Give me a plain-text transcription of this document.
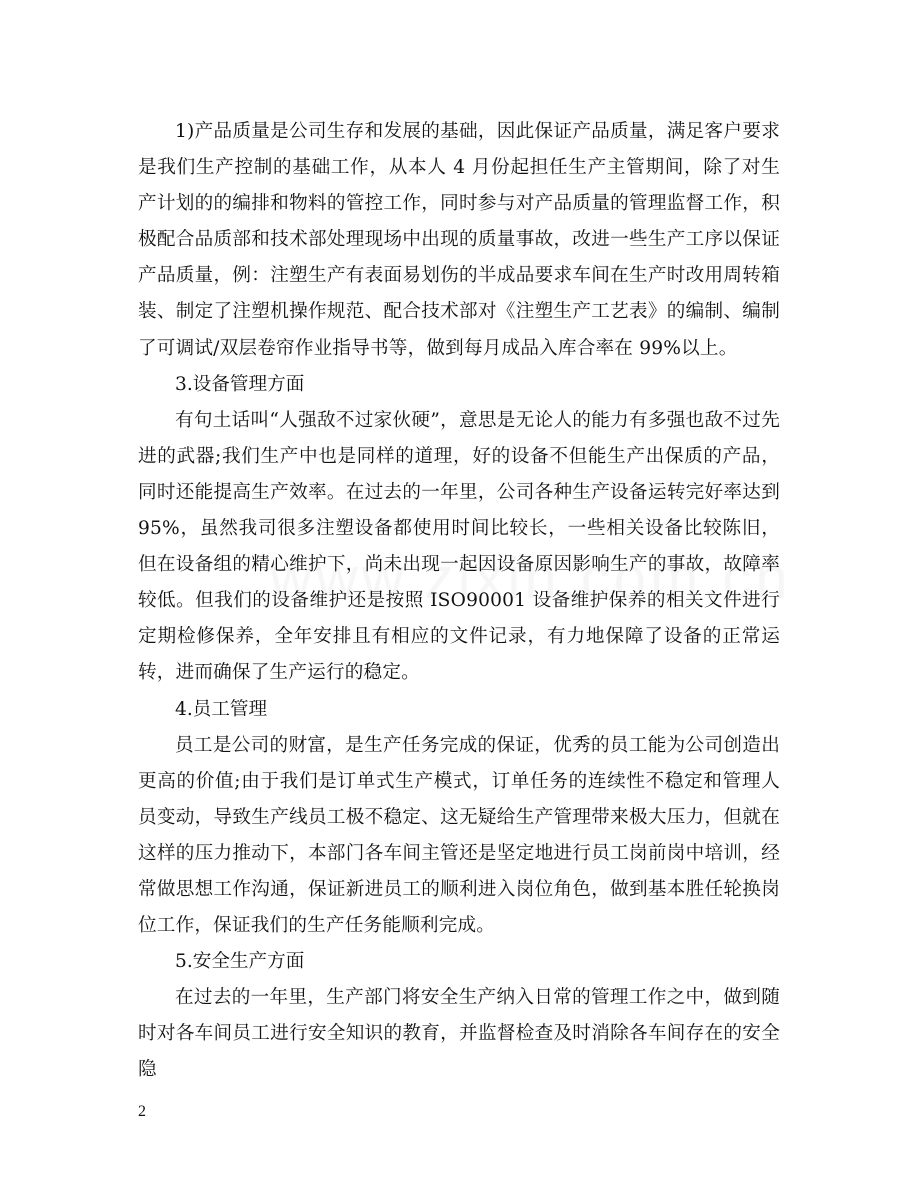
1)产品质量是公司生存和发展的基础，因此保证产品质量，满足客户要求是我们生产控制的基础工作，从本人 4 月份起担任生产主管期间，除了对生产计划的的编排和物料的管控工作，同时参与对产品质量的管理监督工作，积极配合品质部和技术部处理现场中出现的质量事故，改进一些生产工序以保证产品质量，例：注塑生产有表面易划伤的半成品要求车间在生产时改用周转箱装、制定了注塑机操作规范、配合技术部对《注塑生产工艺表》的编制、编制了可调试/双层卷帘作业指导书等，做到每月成品入库合率在 99%以上。

3.设备管理方面

有句土话叫“人强敌不过家伙硬”，意思是无论人的能力有多强也敌不过先进的武器;我们生产中也是同样的道理，好的设备不但能生产出保质的产品，同时还能提高生产效率。在过去的一年里，公司各种生产设备运转完好率达到 95%，虽然我司很多注塑设备都使用时间比较长，一些相关设备比较陈旧，但在设备组的精心维护下，尚未出现一起因设备原因影响生产的事故，故障率较低。但我们的设备维护还是按照 ISO90001 设备维护保养的相关文件进行定期检修保养，全年安排且有相应的文件记录，有力地保障了设备的正常运转，进而确保了生产运行的稳定。

4.员工管理

员工是公司的财富，是生产任务完成的保证，优秀的员工能为公司创造出更高的价值;由于我们是订单式生产模式，订单任务的连续性不稳定和管理人员变动，导致生产线员工极不稳定、这无疑给生产管理带来极大压力，但就在这样的压力推动下，本部门各车间主管还是坚定地进行员工岗前岗中培训，经常做思想工作沟通，保证新进员工的顺利进入岗位角色，做到基本胜任轮换岗位工作，保证我们的生产任务能顺利完成。

5.安全生产方面

在过去的一年里，生产部门将安全生产纳入日常的管理工作之中，做到随时对各车间员工进行安全知识的教育，并监督检查及时消除各车间存在的安全隐

2
